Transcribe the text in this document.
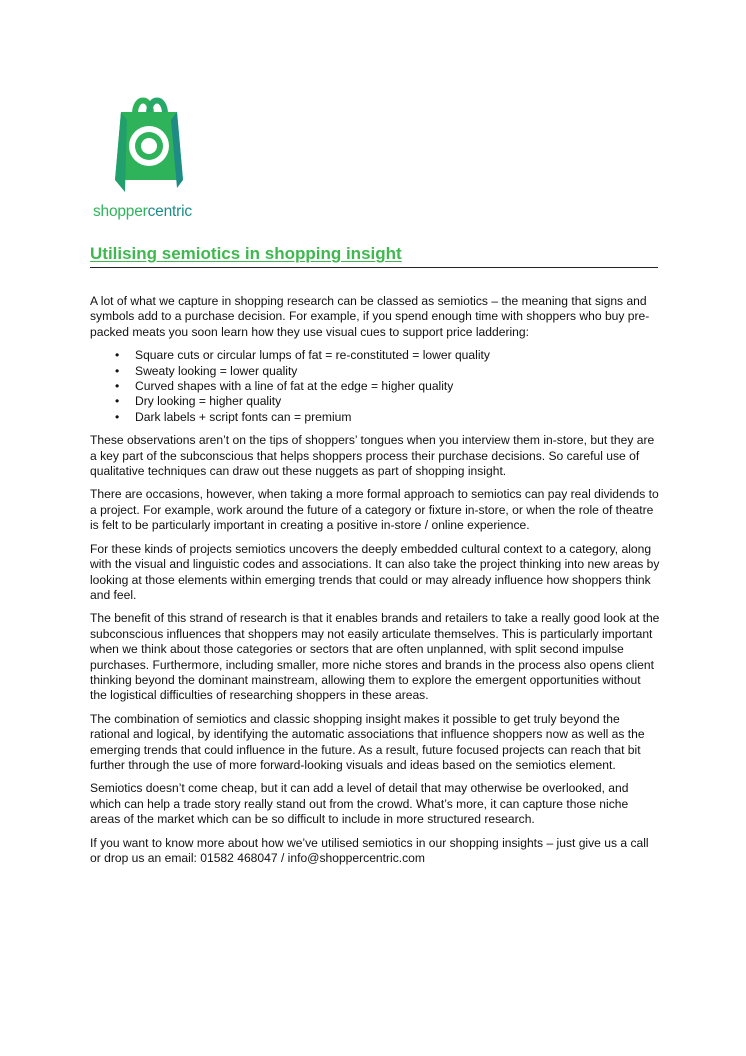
shoppercentric
Utilising semiotics in shopping insight

A lot of what we capture in shopping research can be classed as semiotics – the meaning that signs and symbols add to a purchase decision. For example, if you spend enough time with shoppers who buy pre-packed meats you soon learn how they use visual cues to support price laddering:

• Square cuts or circular lumps of fat = re-constituted = lower quality
• Sweaty looking = lower quality
• Curved shapes with a line of fat at the edge = higher quality
• Dry looking = higher quality
• Dark labels + script fonts can = premium

These observations aren’t on the tips of shoppers’ tongues when you interview them in-store, but they are a key part of the subconscious that helps shoppers process their purchase decisions. So careful use of qualitative techniques can draw out these nuggets as part of shopping insight.

There are occasions, however, when taking a more formal approach to semiotics can pay real dividends to a project. For example, work around the future of a category or fixture in-store, or when the role of theatre is felt to be particularly important in creating a positive in-store / online experience.

For these kinds of projects semiotics uncovers the deeply embedded cultural context to a category, along with the visual and linguistic codes and associations. It can also take the project thinking into new areas by looking at those elements within emerging trends that could or may already influence how shoppers think and feel.

The benefit of this strand of research is that it enables brands and retailers to take a really good look at the subconscious influences that shoppers may not easily articulate themselves. This is particularly important when we think about those categories or sectors that are often unplanned, with split second impulse purchases. Furthermore, including smaller, more niche stores and brands in the process also opens client thinking beyond the dominant mainstream, allowing them to explore the emergent opportunities without the logistical difficulties of researching shoppers in these areas.

The combination of semiotics and classic shopping insight makes it possible to get truly beyond the rational and logical, by identifying the automatic associations that influence shoppers now as well as the emerging trends that could influence in the future. As a result, future focused projects can reach that bit further through the use of more forward-looking visuals and ideas based on the semiotics element.

Semiotics doesn’t come cheap, but it can add a level of detail that may otherwise be overlooked, and which can help a trade story really stand out from the crowd. What’s more, it can capture those niche areas of the market which can be so difficult to include in more structured research.

If you want to know more about how we’ve utilised semiotics in our shopping insights – just give us a call or drop us an email: 01582 468047 / info@shoppercentric.com
